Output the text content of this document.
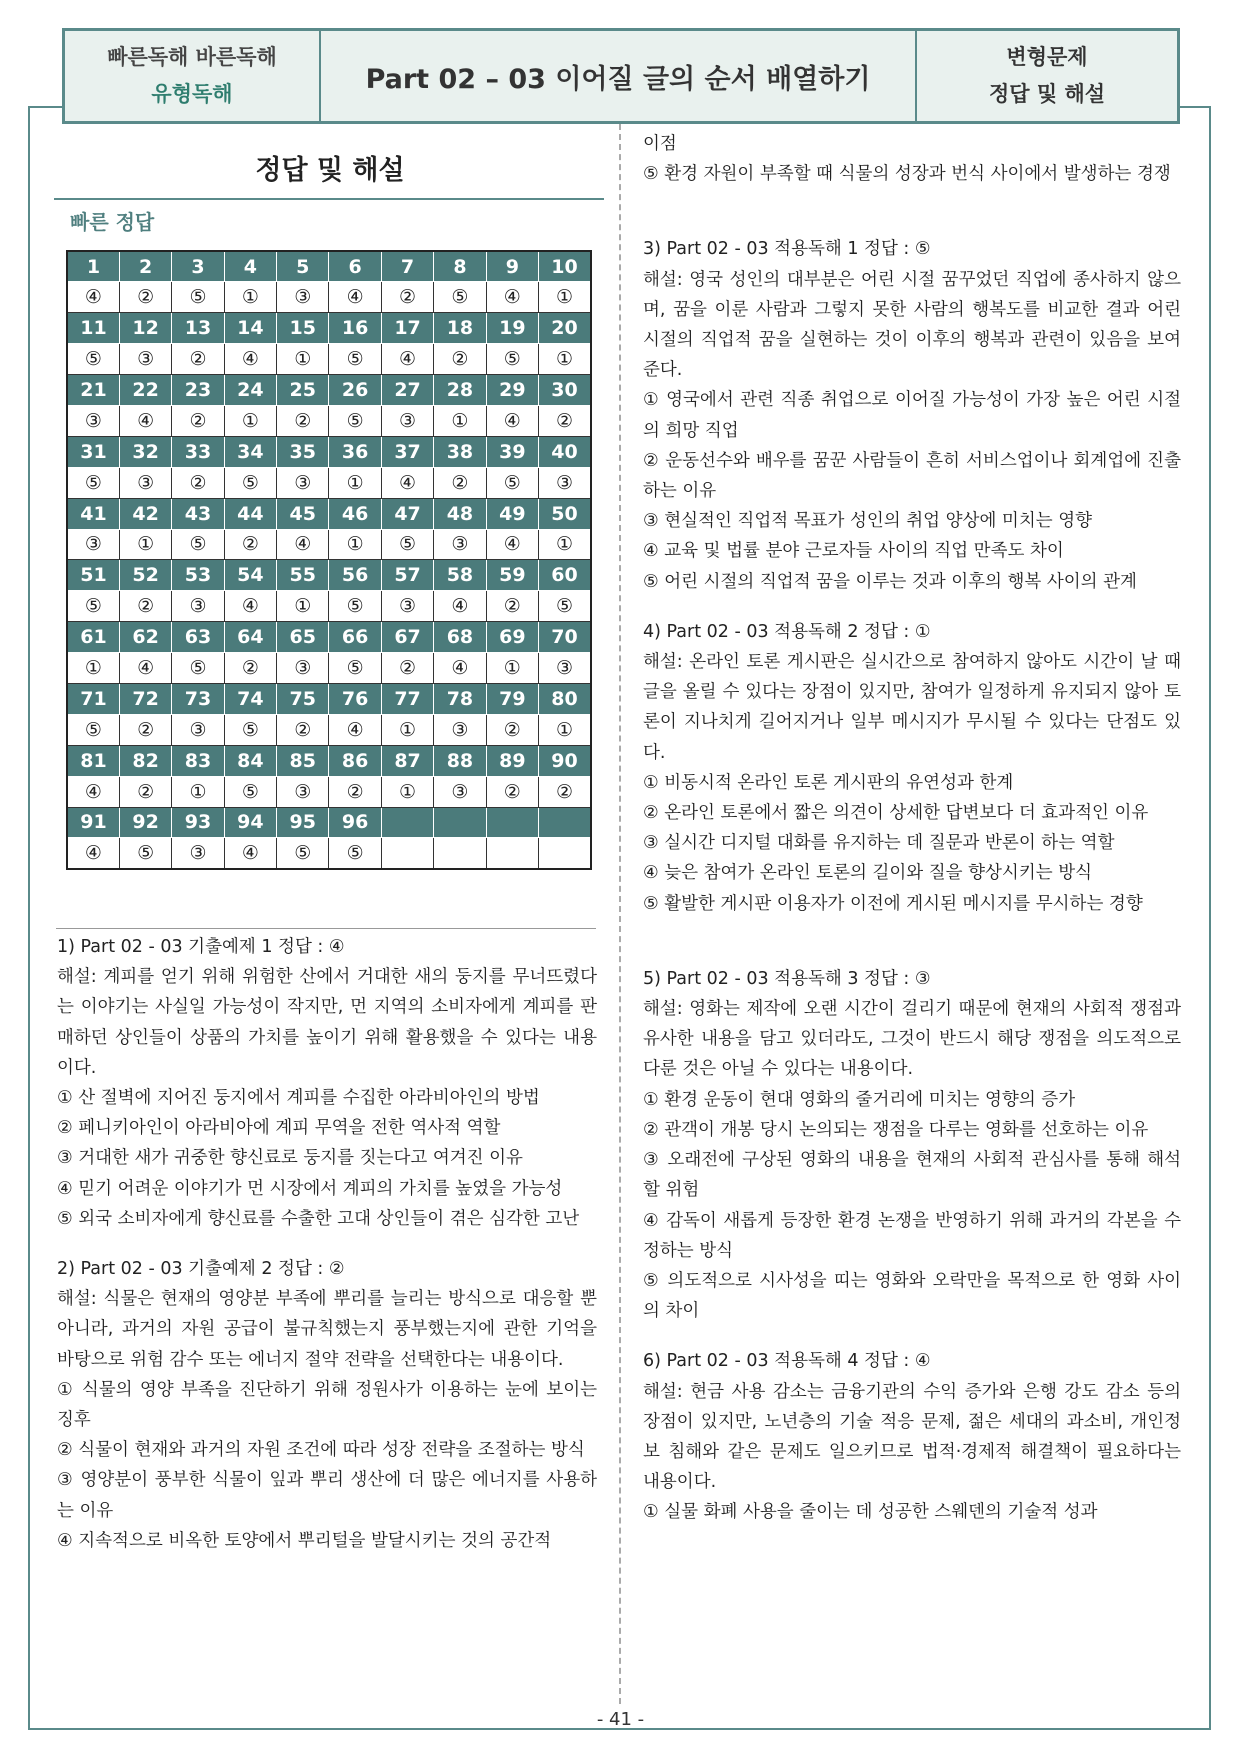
빠른독해 바른독해
유형독해	Part 02 – 03 이어질 글의 순서 배열하기
변형문제
정답 및 해설
정답 및 해설
빠른 정답
1	2	3	4	5	6	7	8	9	10
④	②	⑤	①	③	④	②	⑤	④	①
11	12	13	14	15	16	17	18	19	20
⑤	③	②	④	①	⑤	④	②	⑤	①
21	22	23	24	25	26	27	28	29	30
③	④	②	①	②	⑤	③	①	④	②
31	32	33	34	35	36	37	38	39	40
⑤	③	②	⑤	③	①	④	②	⑤	③
41	42	43	44	45	46	47	48	49	50
③	①	⑤	②	④	①	⑤	③	④	①
51	52	53	54	55	56	57	58	59	60
⑤	②	③	④	①	⑤	③	④	②	⑤
61	62	63	64	65	66	67	68	69	70
①	④	⑤	②	③	⑤	②	④	①	③
71	72	73	74	75	76	77	78	79	80
⑤	②	③	⑤	②	④	①	③	②	①
81	82	83	84	85	86	87	88	89	90
④	②	①	⑤	③	②	①	③	②	②
91	92	93	94	95	96				
④	⑤	③	④	⑤	⑤				

1) Part 02 - 03 기출예제 1 정답 : ④

해설: 계피를 얻기 위해 위험한 산에서 거대한 새의 둥지를 무너뜨렸다는 이야기는 사실일 가능성이 작지만, 먼 지역의 소비자에게 계피를 판매하던 상인들이 상품의 가치를 높이기 위해 활용했을 수 있다는 내용이다.

① 산 절벽에 지어진 둥지에서 계피를 수집한 아라비아인의 방법

② 페니키아인이 아라비아에 계피 무역을 전한 역사적 역할

③ 거대한 새가 귀중한 향신료로 둥지를 짓는다고 여겨진 이유

④ 믿기 어려운 이야기가 먼 시장에서 계피의 가치를 높였을 가능성

⑤ 외국 소비자에게 향신료를 수출한 고대 상인들이 겪은 심각한 고난

2) Part 02 - 03 기출예제 2 정답 : ②

해설: 식물은 현재의 영양분 부족에 뿌리를 늘리는 방식으로 대응할 뿐 아니라, 과거의 자원 공급이 불규칙했는지 풍부했는지에 관한 기억을 바탕으로 위험 감수 또는 에너지 절약 전략을 선택한다는 내용이다.

① 식물의 영양 부족을 진단하기 위해 정원사가 이용하는 눈에 보이는 징후

② 식물이 현재와 과거의 자원 조건에 따라 성장 전략을 조절하는 방식

③ 영양분이 풍부한 식물이 잎과 뿌리 생산에 더 많은 에너지를 사용하는 이유

④ 지속적으로 비옥한 토양에서 뿌리털을 발달시키는 것의 공간적

이점

⑤ 환경 자원이 부족할 때 식물의 성장과 번식 사이에서 발생하는 경쟁

3) Part 02 - 03 적용독해 1 정답 : ⑤

해설: 영국 성인의 대부분은 어린 시절 꿈꾸었던 직업에 종사하지 않으며, 꿈을 이룬 사람과 그렇지 못한 사람의 행복도를 비교한 결과 어린 시절의 직업적 꿈을 실현하는 것이 이후의 행복과 관련이 있음을 보여 준다.

① 영국에서 관련 직종 취업으로 이어질 가능성이 가장 높은 어린 시절의 희망 직업

② 운동선수와 배우를 꿈꾼 사람들이 흔히 서비스업이나 회계업에 진출하는 이유

③ 현실적인 직업적 목표가 성인의 취업 양상에 미치는 영향

④ 교육 및 법률 분야 근로자들 사이의 직업 만족도 차이

⑤ 어린 시절의 직업적 꿈을 이루는 것과 이후의 행복 사이의 관계

4) Part 02 - 03 적용독해 2 정답 : ①

해설: 온라인 토론 게시판은 실시간으로 참여하지 않아도 시간이 날 때 글을 올릴 수 있다는 장점이 있지만, 참여가 일정하게 유지되지 않아 토론이 지나치게 길어지거나 일부 메시지가 무시될 수 있다는 단점도 있다.

① 비동시적 온라인 토론 게시판의 유연성과 한계

② 온라인 토론에서 짧은 의견이 상세한 답변보다 더 효과적인 이유

③ 실시간 디지털 대화를 유지하는 데 질문과 반론이 하는 역할

④ 늦은 참여가 온라인 토론의 길이와 질을 향상시키는 방식

⑤ 활발한 게시판 이용자가 이전에 게시된 메시지를 무시하는 경향

5) Part 02 - 03 적용독해 3 정답 : ③

해설: 영화는 제작에 오랜 시간이 걸리기 때문에 현재의 사회적 쟁점과 유사한 내용을 담고 있더라도, 그것이 반드시 해당 쟁점을 의도적으로 다룬 것은 아닐 수 있다는 내용이다.

① 환경 운동이 현대 영화의 줄거리에 미치는 영향의 증가

② 관객이 개봉 당시 논의되는 쟁점을 다루는 영화를 선호하는 이유

③ 오래전에 구상된 영화의 내용을 현재의 사회적 관심사를 통해 해석할 위험

④ 감독이 새롭게 등장한 환경 논쟁을 반영하기 위해 과거의 각본을 수정하는 방식

⑤ 의도적으로 시사성을 띠는 영화와 오락만을 목적으로 한 영화 사이의 차이

6) Part 02 - 03 적용독해 4 정답 : ④

해설: 현금 사용 감소는 금융기관의 수익 증가와 은행 강도 감소 등의 장점이 있지만, 노년층의 기술 적응 문제, 젊은 세대의 과소비, 개인정보 침해와 같은 문제도 일으키므로 법적·경제적 해결책이 필요하다는 내용이다.

① 실물 화폐 사용을 줄이는 데 성공한 스웨덴의 기술적 성과

- 41 -
